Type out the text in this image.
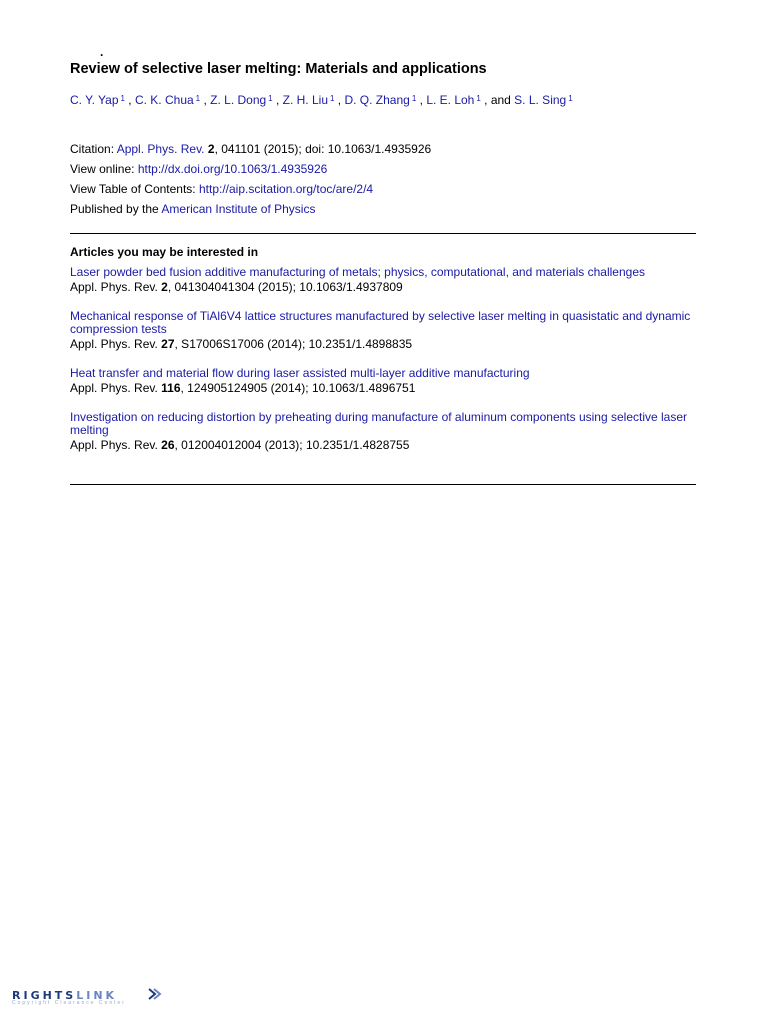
.
Review of selective laser melting: Materials and applications
C. Y. Yap $^1$ , C. K. Chua $^1$ , Z. L. Dong $^1$ , Z. H. Liu $^1$ , D. Q. Zhang $^1$ , L. E. Loh $^1$ , and S. L. Sing $^1$
Citation: Appl. Phys. Rev. 2, 041101 (2015); doi: 10.1063/1.4935926
View online: http://dx.doi.org/10.1063/1.4935926
View Table of Contents: http://aip.scitation.org/toc/are/2/4
Published by the American Institute of Physics
Articles you may be interested in
Laser powder bed fusion additive manufacturing of metals; physics, computational, and materials challenges
Appl. Phys. Rev. 2, 041304041304 (2015); 10.1063/1.4937809
Mechanical response of TiAl6V4 lattice structures manufactured by selective laser melting in quasistatic and dynamic compression tests
Appl. Phys. Rev. 27, S17006S17006 (2014); 10.2351/1.4898835
Heat transfer and material flow during laser assisted multi-layer additive manufacturing
Appl. Phys. Rev. 116, 124905124905 (2014); 10.1063/1.4896751
Investigation on reducing distortion by preheating during manufacture of aluminum components using selective laser melting
Appl. Phys. Rev. 26, 012004012004 (2013); 10.2351/1.4828755
RIGHTSLINK
Copyright Clearance Center
